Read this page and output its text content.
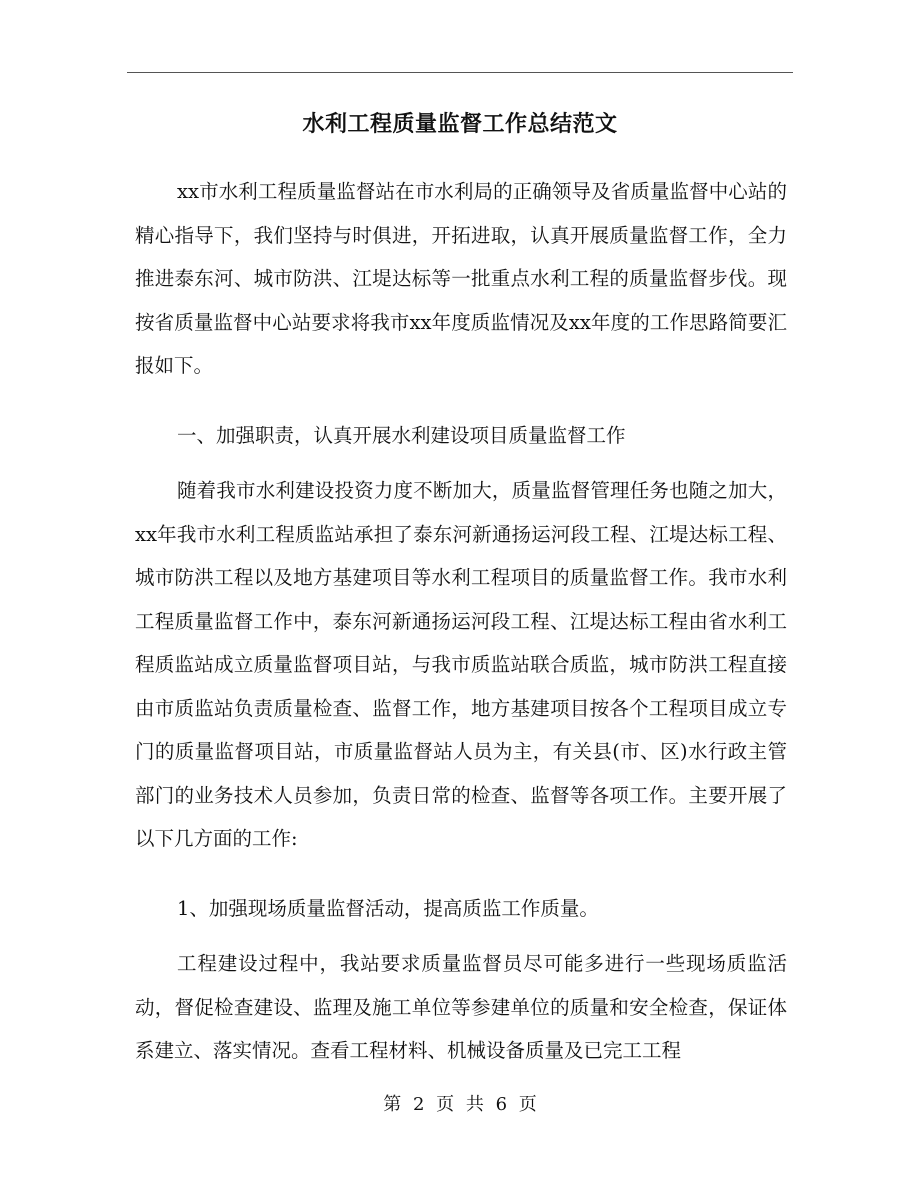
水利工程质量监督工作总结范文

xx市水利工程质量监督站在市水利局的正确领导及省质量监督中心站的精心指导下，我们坚持与时俱进，开拓进取，认真开展质量监督工作，全力推进泰东河、城市防洪、江堤达标等一批重点水利工程的质量监督步伐。现按省质量监督中心站要求将我市xx年度质监情况及xx年度的工作思路简要汇报如下。

一、加强职责，认真开展水利建设项目质量监督工作

随着我市水利建设投资力度不断加大，质量监督管理任务也随之加大，xx年我市水利工程质监站承担了泰东河新通扬运河段工程、江堤达标工程、城市防洪工程以及地方基建项目等水利工程项目的质量监督工作。我市水利工程质量监督工作中，泰东河新通扬运河段工程、江堤达标工程由省水利工程质监站成立质量监督项目站，与我市质监站联合质监，城市防洪工程直接由市质监站负责质量检查、监督工作，地方基建项目按各个工程项目成立专门的质量监督项目站，市质量监督站人员为主，有关县(市、区)水行政主管部门的业务技术人员参加，负责日常的检查、监督等各项工作。主要开展了以下几方面的工作:

1、加强现场质量监督活动，提高质监工作质量。

工程建设过程中，我站要求质量监督员尽可能多进行一些现场质监活动，督促检查建设、监理及施工单位等参建单位的质量和安全检查，保证体系建立、落实情况。查看工程材料、机械设备质量及已完工工程

第 2 页 共 6 页
